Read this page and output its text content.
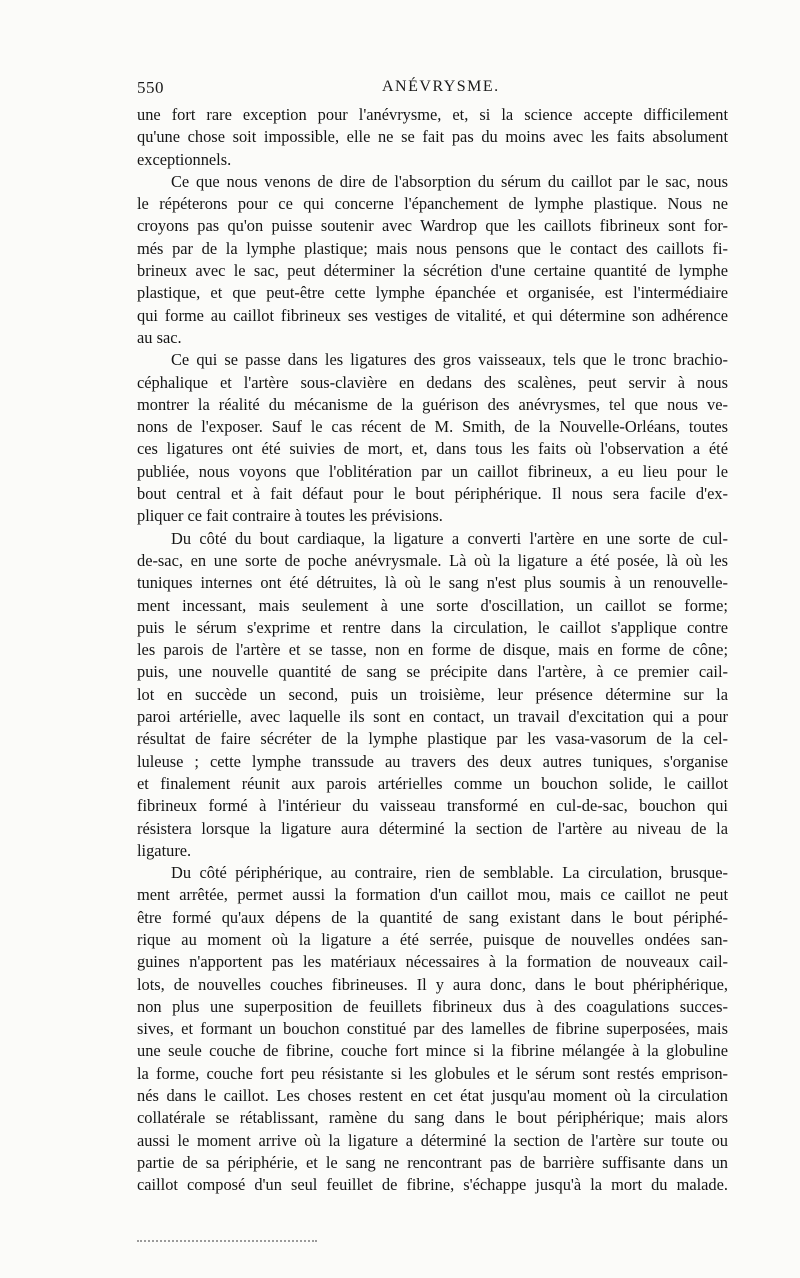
550	ANÉVRYSME.
une fort rare exception pour l'anévrysme, et, si la science accepte difficilement
qu'une chose soit impossible, elle ne se fait pas du moins avec les faits absolument
exceptionnels.
Ce que nous venons de dire de l'absorption du sérum du caillot par le sac, nous
le répéterons pour ce qui concerne l'épanchement de lymphe plastique. Nous ne
croyons pas qu'on puisse soutenir avec Wardrop que les caillots fibrineux sont for-
més par de la lymphe plastique; mais nous pensons que le contact des caillots fi-
brineux avec le sac, peut déterminer la sécrétion d'une certaine quantité de lymphe
plastique, et que peut-être cette lymphe épanchée et organisée, est l'intermédiaire
qui forme au caillot fibrineux ses vestiges de vitalité, et qui détermine son adhérence
au sac.
Ce qui se passe dans les ligatures des gros vaisseaux, tels que le tronc brachio-
céphalique et l'artère sous-clavière en dedans des scalènes, peut servir à nous
montrer la réalité du mécanisme de la guérison des anévrysmes, tel que nous ve-
nons de l'exposer. Sauf le cas récent de M. Smith, de la Nouvelle-Orléans, toutes
ces ligatures ont été suivies de mort, et, dans tous les faits où l'observation a été
publiée, nous voyons que l'oblitération par un caillot fibrineux, a eu lieu pour le
bout central et à fait défaut pour le bout périphérique. Il nous sera facile d'ex-
pliquer ce fait contraire à toutes les prévisions.
Du côté du bout cardiaque, la ligature a converti l'artère en une sorte de cul-
de-sac, en une sorte de poche anévrysmale. Là où la ligature a été posée, là où les
tuniques internes ont été détruites, là où le sang n'est plus soumis à un renouvelle-
ment incessant, mais seulement à une sorte d'oscillation, un caillot se forme;
puis le sérum s'exprime et rentre dans la circulation, le caillot s'applique contre
les parois de l'artère et se tasse, non en forme de disque, mais en forme de cône;
puis, une nouvelle quantité de sang se précipite dans l'artère, à ce premier cail-
lot en succède un second, puis un troisième, leur présence détermine sur la
paroi artérielle, avec laquelle ils sont en contact, un travail d'excitation qui a pour
résultat de faire sécréter de la lymphe plastique par les vasa-vasorum de la cel-
luleuse ; cette lymphe transsude au travers des deux autres tuniques, s'organise
et finalement réunit aux parois artérielles comme un bouchon solide, le caillot
fibrineux formé à l'intérieur du vaisseau transformé en cul-de-sac, bouchon qui
résistera lorsque la ligature aura déterminé la section de l'artère au niveau de la
ligature.
Du côté périphérique, au contraire, rien de semblable. La circulation, brusque-
ment arrêtée, permet aussi la formation d'un caillot mou, mais ce caillot ne peut
être formé qu'aux dépens de la quantité de sang existant dans le bout périphé-
rique au moment où la ligature a été serrée, puisque de nouvelles ondées san-
guines n'apportent pas les matériaux nécessaires à la formation de nouveaux cail-
lots, de nouvelles couches fibrineuses. Il y aura donc, dans le bout phériphérique,
non plus une superposition de feuillets fibrineux dus à des coagulations succes-
sives, et formant un bouchon constitué par des lamelles de fibrine superposées, mais
une seule couche de fibrine, couche fort mince si la fibrine mélangée à la globuline
la forme, couche fort peu résistante si les globules et le sérum sont restés emprison-
nés dans le caillot. Les choses restent en cet état jusqu'au moment où la circulation
collatérale se rétablissant, ramène du sang dans le bout périphérique; mais alors
aussi le moment arrive où la ligature a déterminé la section de l'artère sur toute ou
partie de sa périphérie, et le sang ne rencontrant pas de barrière suffisante dans un
caillot composé d'un seul feuillet de fibrine, s'échappe jusqu'à la mort du malade.
